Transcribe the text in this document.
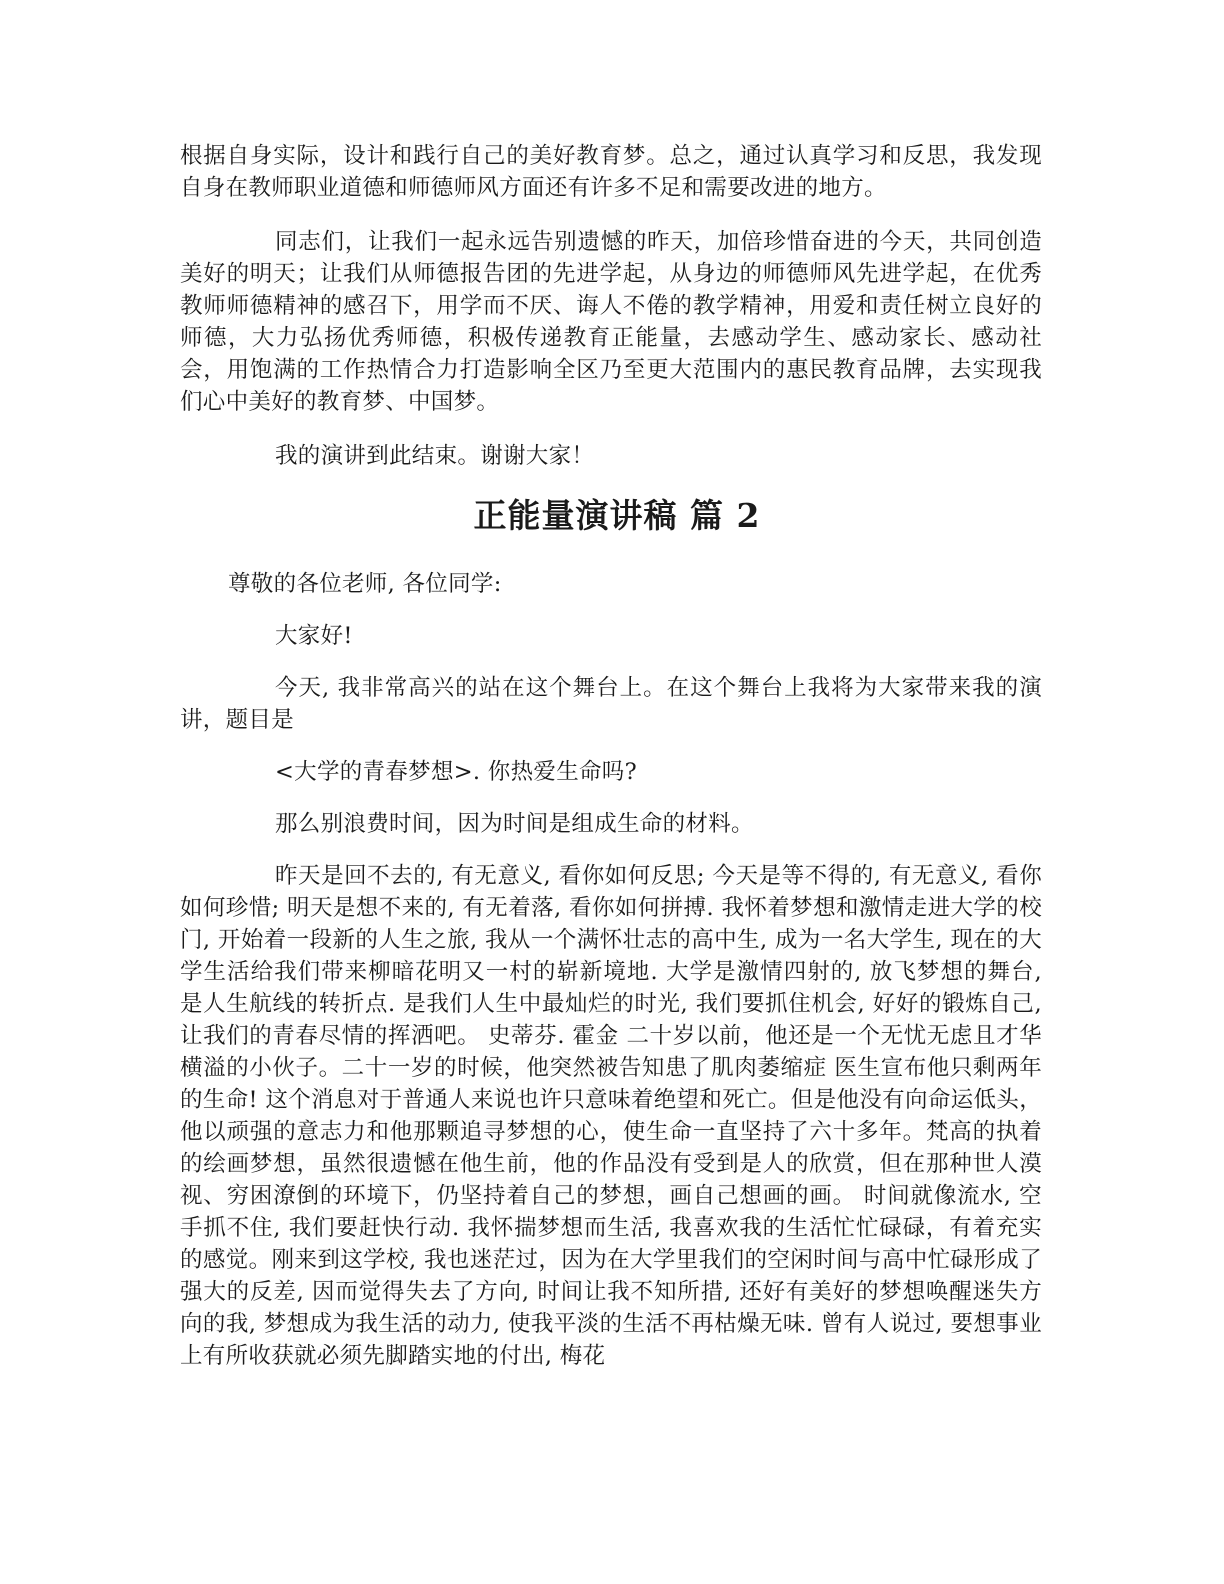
根据自身实际，设计和践行自己的美好教育梦。总之，通过认真学习和反思，我发现自身在教师职业道德和师德师风方面还有许多不足和需要改进的地方。

同志们，让我们一起永远告别遗憾的昨天，加倍珍惜奋进的今天，共同创造美好的明天；让我们从师德报告团的先进学起，从身边的师德师风先进学起，在优秀教师师德精神的感召下，用学而不厌、诲人不倦的教学精神，用爱和责任树立良好的师德，大力弘扬优秀师德，积极传递教育正能量，去感动学生、感动家长、感动社会，用饱满的工作热情合力打造影响全区乃至更大范围内的惠民教育品牌，去实现我们心中美好的教育梦、中国梦。

我的演讲到此结束。谢谢大家！

正能量演讲稿 篇 2

尊敬的各位老师, 各位同学:

大家好!

今天, 我非常高兴的站在这个舞台上。在这个舞台上我将为大家带来我的演讲，题目是

<大学的青春梦想>. 你热爱生命吗?

那么别浪费时间，因为时间是组成生命的材料。

昨天是回不去的, 有无意义, 看你如何反思; 今天是等不得的, 有无意义, 看你如何珍惜; 明天是想不来的, 有无着落, 看你如何拼搏. 我怀着梦想和激情走进大学的校门, 开始着一段新的人生之旅, 我从一个满怀壮志的高中生, 成为一名大学生, 现在的大学生活给我们带来柳暗花明又一村的崭新境地. 大学是激情四射的, 放飞梦想的舞台, 是人生航线的转折点. 是我们人生中最灿烂的时光, 我们要抓住机会, 好好的锻炼自己, 让我们的青春尽情的挥洒吧。 史蒂芬. 霍金 二十岁以前，他还是一个无忧无虑且才华横溢的小伙子。二十一岁的时候，他突然被告知患了肌肉萎缩症 医生宣布他只剩两年的生命! 这个消息对于普通人来说也许只意味着绝望和死亡。但是他没有向命运低头，他以顽强的意志力和他那颗追寻梦想的心，使生命一直坚持了六十多年。梵高的执着的绘画梦想，虽然很遗憾在他生前，他的作品没有受到是人的欣赏，但在那种世人漠视、穷困潦倒的环境下，仍坚持着自己的梦想，画自己想画的画。 时间就像流水, 空手抓不住, 我们要赶快行动. 我怀揣梦想而生活, 我喜欢我的生活忙忙碌碌，有着充实的感觉。刚来到这学校, 我也迷茫过，因为在大学里我们的空闲时间与高中忙碌形成了强大的反差, 因而觉得失去了方向, 时间让我不知所措, 还好有美好的梦想唤醒迷失方向的我, 梦想成为我生活的动力, 使我平淡的生活不再枯燥无味. 曾有人说过, 要想事业上有所收获就必须先脚踏实地的付出, 梅花
